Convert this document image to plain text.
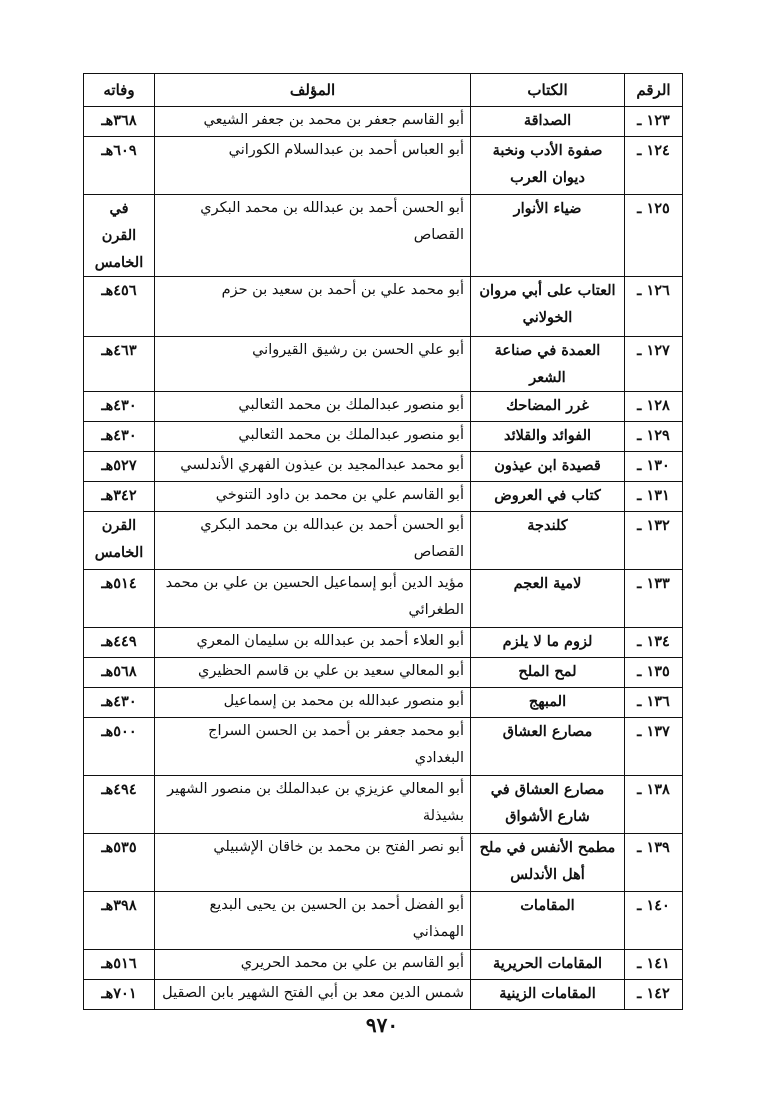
الرقم	الكتاب	المؤلف	وفاته
١٢٣ ـ	الصداقة	أبو القاسم جعفر بن محمد بن جعفر الشيعي	٣٦٨هـ
١٢٤ ـ	صفوة الأدب ونخبة ديوان العرب	أبو العباس أحمد بن عبدالسلام الكوراني	٦٠٩هـ
١٢٥ ـ	ضياء الأنوار	أبو الحسن أحمد بن عبدالله بن محمد البكري القصاص	في القرن الخامس
١٢٦ ـ	العتاب على أبي مروان الخولاني	أبو محمد علي بن أحمد بن سعيد بن حزم	٤٥٦هـ
١٢٧ ـ	العمدة في صناعة الشعر	أبو علي الحسن بن رشيق القيرواني	٤٦٣هـ
١٢٨ ـ	غرر المضاحك	أبو منصور عبدالملك بن محمد الثعالبي	٤٣٠هـ
١٢٩ ـ	الفوائد والقلائد	أبو منصور عبدالملك بن محمد الثعالبي	٤٣٠هـ
١٣٠ ـ	قصيدة ابن عيذون	أبو محمد عبدالمجيد بن عيذون الفهري الأندلسي	٥٢٧هـ
١٣١ ـ	كتاب في العروض	أبو القاسم علي بن محمد بن داود التنوخي	٣٤٢هـ
١٣٢ ـ	كلندجة	أبو الحسن أحمد بن عبدالله بن محمد البكري القصاص	القرن الخامس
١٣٣ ـ	لامية العجم	مؤيد الدين أبو إسماعيل الحسين بن علي بن محمد الطغرائي	٥١٤هـ
١٣٤ ـ	لزوم ما لا يلزم	أبو العلاء أحمد بن عبدالله بن سليمان المعري	٤٤٩هـ
١٣٥ ـ	لمح الملح	أبو المعالي سعيد بن علي بن قاسم الحظيري	٥٦٨هـ
١٣٦ ـ	المبهج	أبو منصور عبدالله بن محمد بن إسماعيل	٤٣٠هـ
١٣٧ ـ	مصارع العشاق	أبو محمد جعفر بن أحمد بن الحسن السراج البغدادي	٥٠٠هـ
١٣٨ ـ	مصارع العشاق في شارع الأشواق	أبو المعالي عزيزي بن عبدالملك بن منصور الشهير بشيذلة	٤٩٤هـ
١٣٩ ـ	مطمح الأنفس في ملح أهل الأندلس	أبو نصر الفتح بن محمد بن خاقان الإشبيلي	٥٣٥هـ
١٤٠ ـ	المقامات	أبو الفضل أحمد بن الحسين بن يحيى البديع الهمذاني	٣٩٨هـ
١٤١ ـ	المقامات الحريرية	أبو القاسم بن علي بن محمد الحريري	٥١٦هـ
١٤٢ ـ	المقامات الزينية	شمس الدين معد بن أبي الفتح الشهير بابن الصقيل	٧٠١هـ
٩٧٠
